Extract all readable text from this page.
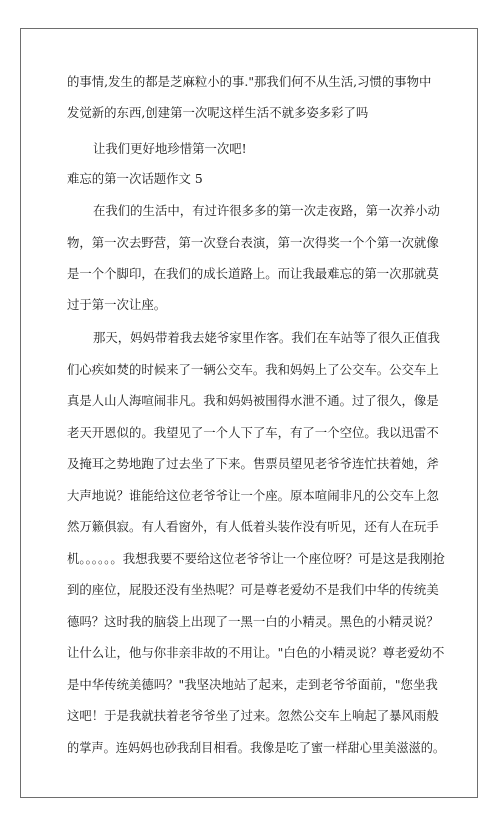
的事情,发生的都是芝麻粒小的事."那我们何不从生活,习惯的事物中
发觉新的东西,创建第一次呢这样生活不就多姿多彩了吗
让我们更好地珍惜第一次吧!
难忘的第一次话题作文 5
在我们的生活中，有过许很多多的第一次走夜路，第一次养小动
物，第一次去野营，第一次登台表演，第一次得奖一个个第一次就像
是一个个脚印，在我们的成长道路上。而让我最难忘的第一次那就莫
过于第一次让座。
那天，妈妈带着我去姥爷家里作客。我们在车站等了很久正值我
们心疾如焚的时候来了一辆公交车。我和妈妈上了公交车。公交车上
真是人山人海喧闹非凡。我和妈妈被围得水泄不通。过了很久，像是
老天开恩似的。我望见了一个人下了车，有了一个空位。我以迅雷不
及掩耳之势地跑了过去坐了下来。售票员望见老爷爷连忙扶着她，斧
大声地说？谁能给这位老爷爷让一个座。原本喧闹非凡的公交车上忽
然万籁俱寂。有人看窗外，有人低着头装作没有听见，还有人在玩手
机。。。。。。我想我要不要给这位老爷爷让一个座位呀？可是这是我刚抢
到的座位，屁股还没有坐热呢？可是尊老爱幼不是我们中华的传统美
德吗？这时我的脑袋上出现了一黑一白的小精灵。黑色的小精灵说？
让什么让，他与你非亲非故的不用让。"白色的小精灵说？尊老爱幼不
是中华传统美德吗？"我坚决地站了起来，走到老爷爷面前，"您坐我
这吧！于是我就扶着老爷爷坐了过来。忽然公交车上响起了暴风雨般
的掌声。连妈妈也砂我刮目相看。我像是吃了蜜一样甜心里美滋滋的。
